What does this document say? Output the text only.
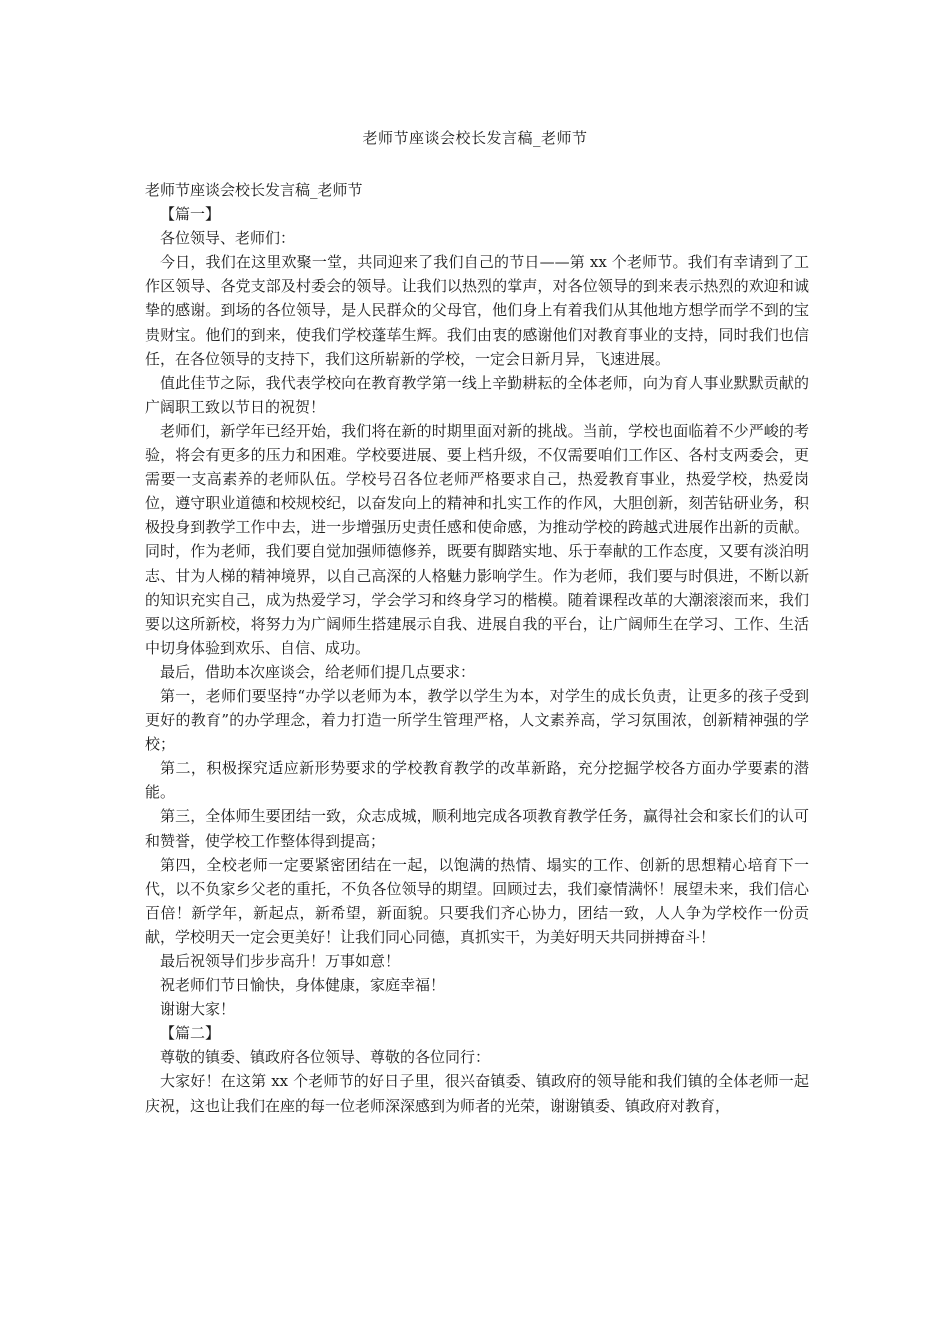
老师节座谈会校长发言稿_老师节

老师节座谈会校长发言稿_老师节

【篇一】

各位领导、老师们：

今日，我们在这里欢聚一堂，共同迎来了我们自己的节日——第 xx 个老师节。我们有幸请到了工作区领导、各党支部及村委会的领导。让我们以热烈的掌声，对各位领导的到来表示热烈的欢迎和诚挚的感谢。到场的各位领导，是人民群众的父母官，他们身上有着我们从其他地方想学而学不到的宝贵财宝。他们的到来，使我们学校蓬荜生辉。我们由衷的感谢他们对教育事业的支持，同时我们也信任，在各位领导的支持下，我们这所崭新的学校，一定会日新月异，飞速进展。

值此佳节之际，我代表学校向在教育教学第一线上辛勤耕耘的全体老师，向为育人事业默默贡献的广阔职工致以节日的祝贺！

老师们，新学年已经开始，我们将在新的时期里面对新的挑战。当前，学校也面临着不少严峻的考验，将会有更多的压力和困难。学校要进展、要上档升级，不仅需要咱们工作区、各村支两委会，更需要一支高素养的老师队伍。学校号召各位老师严格要求自己，热爱教育事业，热爱学校，热爱岗位，遵守职业道德和校规校纪，以奋发向上的精神和扎实工作的作风，大胆创新，刻苦钻研业务，积极投身到教学工作中去，进一步增强历史责任感和使命感，为推动学校的跨越式进展作出新的贡献。同时，作为老师，我们要自觉加强师德修养，既要有脚踏实地、乐于奉献的工作态度，又要有淡泊明志、甘为人梯的精神境界，以自己高深的人格魅力影响学生。作为老师，我们要与时俱进，不断以新的知识充实自己，成为热爱学习，学会学习和终身学习的楷模。随着课程改革的大潮滚滚而来，我们要以这所新校，将努力为广阔师生搭建展示自我、进展自我的平台，让广阔师生在学习、工作、生活中切身体验到欢乐、自信、成功。

最后，借助本次座谈会，给老师们提几点要求：

第一，老师们要坚持“办学以老师为本，教学以学生为本，对学生的成长负责，让更多的孩子受到更好的教育”的办学理念，着力打造一所学生管理严格，人文素养高，学习氛围浓，创新精神强的学校；

第二，积极探究适应新形势要求的学校教育教学的改革新路，充分挖掘学校各方面办学要素的潜能。

第三，全体师生要团结一致，众志成城，顺利地完成各项教育教学任务，赢得社会和家长们的认可和赞誉，使学校工作整体得到提高；

第四，全校老师一定要紧密团结在一起，以饱满的热情、塌实的工作、创新的思想精心培育下一代，以不负家乡父老的重托，不负各位领导的期望。回顾过去，我们豪情满怀！展望未来，我们信心百倍！新学年，新起点，新希望，新面貌。只要我们齐心协力，团结一致，人人争为学校作一份贡献，学校明天一定会更美好！让我们同心同德，真抓实干，为美好明天共同拼搏奋斗！

最后祝领导们步步高升！万事如意！

祝老师们节日愉快，身体健康，家庭幸福！

谢谢大家！

【篇二】

尊敬的镇委、镇政府各位领导、尊敬的各位同行：

大家好！在这第 xx 个老师节的好日子里，很兴奋镇委、镇政府的领导能和我们镇的全体老师一起庆祝，这也让我们在座的每一位老师深深感到为师者的光荣，谢谢镇委、镇政府对教育，
